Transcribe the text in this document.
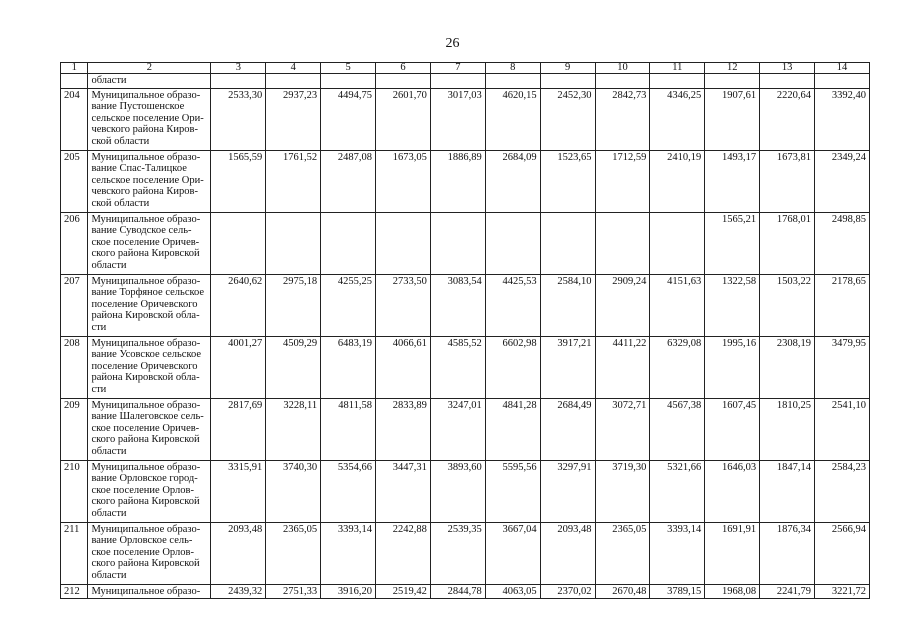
26
1	2	3	4	5	6	7	8	9	10	11	12	13	14
	области												
204	Муниципальное образо-
вание Пустошенское
сельское поселение Ори-
чевского района Киров-
ской области	2533,30	2937,23	4494,75	2601,70	3017,03	4620,15	2452,30	2842,73	4346,25	1907,61	2220,64	3392,40
205	Муниципальное образо-
вание Спас-Талицкое
сельское поселение Ори-
чевского района Киров-
ской области	1565,59	1761,52	2487,08	1673,05	1886,89	2684,09	1523,65	1712,59	2410,19	1493,17	1673,81	2349,24
206	Муниципальное образо-
вание Суводское сель-
ское поселение Оричев-
ского района Кировской
области										1565,21	1768,01	2498,85
207	Муниципальное образо-
вание Торфяное сельское
поселение Оричевского
района Кировской обла-
сти	2640,62	2975,18	4255,25	2733,50	3083,54	4425,53	2584,10	2909,24	4151,63	1322,58	1503,22	2178,65
208	Муниципальное образо-
вание Усовское сельское
поселение Оричевского
района Кировской обла-
сти	4001,27	4509,29	6483,19	4066,61	4585,52	6602,98	3917,21	4411,22	6329,08	1995,16	2308,19	3479,95
209	Муниципальное образо-
вание Шалеговское сель-
ское поселение Оричев-
ского района Кировской
области	2817,69	3228,11	4811,58	2833,89	3247,01	4841,28	2684,49	3072,71	4567,38	1607,45	1810,25	2541,10
210	Муниципальное образо-
вание Орловское город-
ское поселение Орлов-
ского района Кировской
области	3315,91	3740,30	5354,66	3447,31	3893,60	5595,56	3297,91	3719,30	5321,66	1646,03	1847,14	2584,23
211	Муниципальное образо-
вание Орловское сель-
ское поселение Орлов-
ского района Кировской
области	2093,48	2365,05	3393,14	2242,88	2539,35	3667,04	2093,48	2365,05	3393,14	1691,91	1876,34	2566,94
212	Муниципальное образо-	2439,32	2751,33	3916,20	2519,42	2844,78	4063,05	2370,02	2670,48	3789,15	1968,08	2241,79	3221,72
